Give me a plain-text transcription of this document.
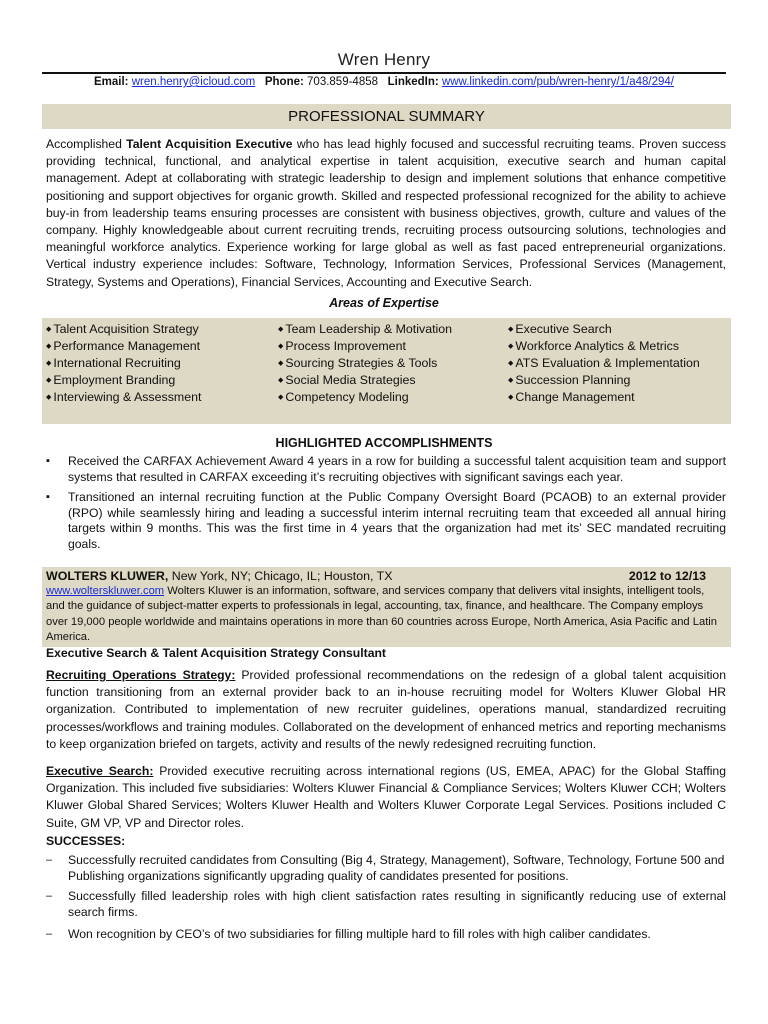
Wren Henry
Email: wren.henry@icloud.com Phone: 703.859-4858 LinkedIn: www.linkedin.com/pub/wren-henry/1/a48/294/
PROFESSIONAL SUMMARY

Accomplished Talent Acquisition Executive who has lead highly focused and successful recruiting teams. Proven success providing technical, functional, and analytical expertise in talent acquisition, executive search and human capital management. Adept at collaborating with strategic leadership to design and implement solutions that enhance competitive positioning and support objectives for organic growth. Skilled and respected professional recognized for the ability to achieve buy-in from leadership teams ensuring processes are consistent with business objectives, growth, culture and values of the company. Highly knowledgeable about current recruiting trends, recruiting process outsourcing solutions, technologies and meaningful workforce analytics. Experience working for large global as well as fast paced entrepreneurial organizations. Vertical industry experience includes: Software, Technology, Information Services, Professional Services (Management, Strategy, Systems and Operations), Financial Services, Accounting and Executive Search.

Areas of Expertise
◆ Talent Acquisition Strategy	◆ Team Leadership & Motivation	◆ Executive Search
◆ Performance Management	◆ Process Improvement	◆ Workforce Analytics & Metrics
◆ International Recruiting	◆ Sourcing Strategies & Tools	◆ ATS Evaluation & Implementation
◆ Employment Branding	◆ Social Media Strategies	◆ Succession Planning
◆ Interviewing & Assessment	◆ Competency Modeling	◆ Change Management
HIGHLIGHTED ACCOMPLISHMENTS
▪ Received the CARFAX Achievement Award 4 years in a row for building a successful talent acquisition team and support systems that resulted in CARFAX exceeding it’s recruiting objectives with significant savings each year.
▪ Transitioned an internal recruiting function at the Public Company Oversight Board (PCAOB) to an external provider (RPO) while seamlessly hiring and leading a successful interim internal recruiting team that exceeded all annual hiring targets within 9 months. This was the first time in 4 years that the organization had met its’ SEC mandated recruiting goals.
WOLTERS KLUWER, New York, NY; Chicago, IL; Houston, TX	2012 to 12/13
www.wolterskluwer.com Wolters Kluwer is an information, software, and services company that delivers vital insights, intelligent tools, and the guidance of subject-matter experts to professionals in legal, accounting, tax, finance, and healthcare. The Company employs over 19,000 people worldwide and maintains operations in more than 60 countries across Europe, North America, Asia Pacific and Latin America.
Executive Search & Talent Acquisition Strategy Consultant

Recruiting Operations Strategy: Provided professional recommendations on the redesign of a global talent acquisition function transitioning from an external provider back to an in-house recruiting model for Wolters Kluwer Global HR organization. Contributed to implementation of new recruiter guidelines, operations manual, standardized recruiting processes/workflows and training modules. Collaborated on the development of enhanced metrics and reporting mechanisms to keep organization briefed on targets, activity and results of the newly redesigned recruiting function.

Executive Search: Provided executive recruiting across international regions (US, EMEA, APAC) for the Global Staffing Organization. This included five subsidiaries: Wolters Kluwer Financial & Compliance Services; Wolters Kluwer CCH; Wolters Kluwer Global Shared Services; Wolters Kluwer Health and Wolters Kluwer Corporate Legal Services. Positions included C Suite, GM VP, VP and Director roles.

SUCCESSES:
– Successfully recruited candidates from Consulting (Big 4, Strategy, Management), Software, Technology, Fortune 500 and Publishing organizations significantly upgrading quality of candidates presented for positions.
– Successfully filled leadership roles with high client satisfaction rates resulting in significantly reducing use of external search firms.
– Won recognition by CEO’s of two subsidiaries for filling multiple hard to fill roles with high caliber candidates.
